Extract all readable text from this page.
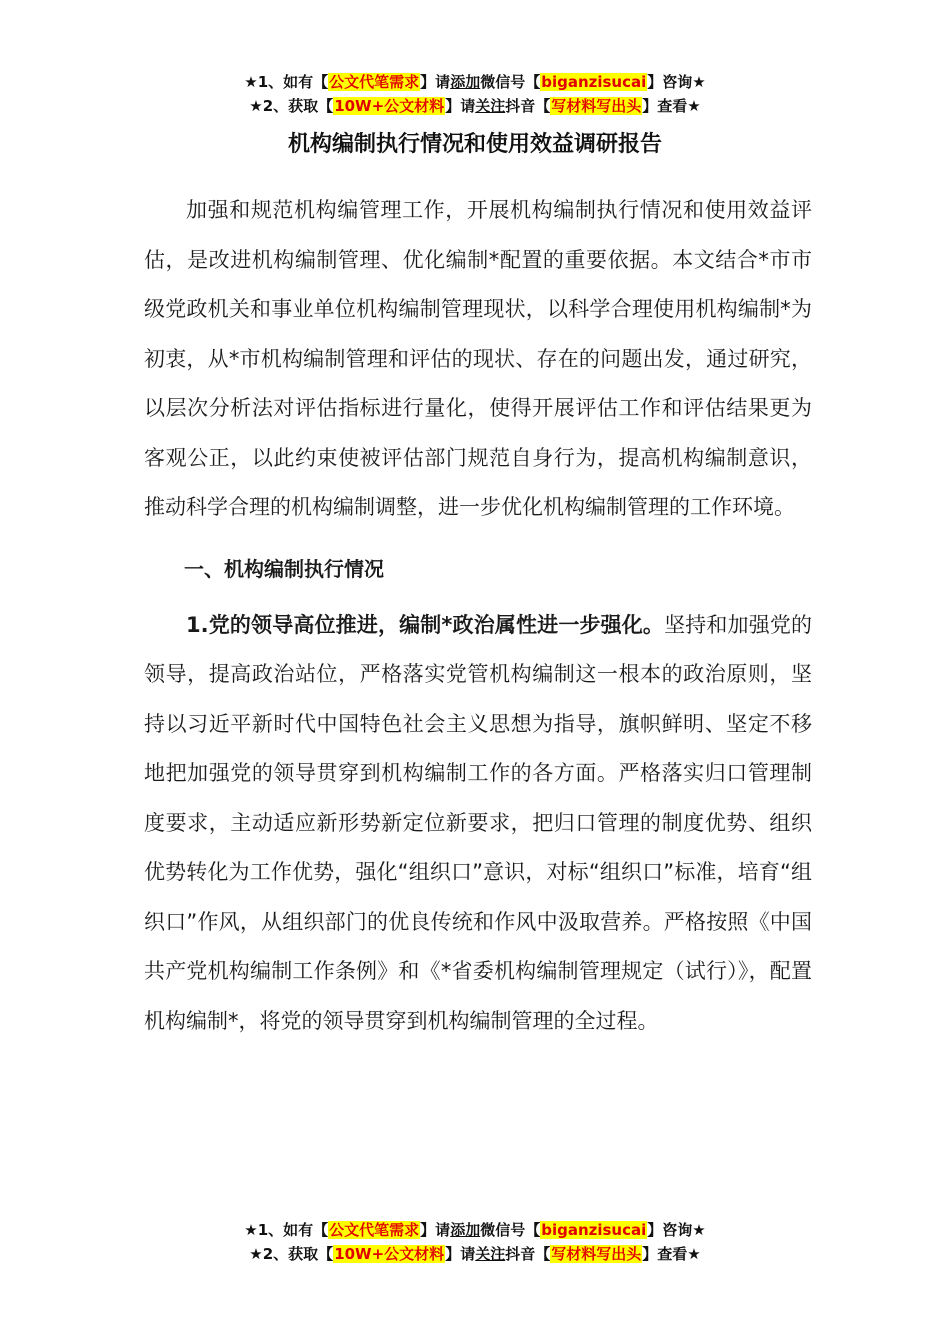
★1、如有【公文代笔需求】请添加微信号【biganzisucai】咨询★
★2、获取【10W+公文材料】请关注抖音【写材料写出头】查看★
机构编制执行情况和使用效益调研报告

加强和规范机构编管理工作，开展机构编制执行情况和使用效益评估，是改进机构编制管理、优化编制*配置的重要依据。本文结合*市市级党政机关和事业单位机构编制管理现状，以科学合理使用机构编制*为初衷，从*市机构编制管理和评估的现状、存在的问题出发，通过研究，以层次分析法对评估指标进行量化，使得开展评估工作和评估结果更为客观公正，以此约束使被评估部门规范自身行为，提高机构编制意识，推动科学合理的机构编制调整，进一步优化机构编制管理的工作环境。

一、机构编制执行情况

1.党的领导高位推进，编制*政治属性进一步强化。坚持和加强党的领导，提高政治站位，严格落实党管机构编制这一根本的政治原则，坚持以习近平新时代中国特色社会主义思想为指导，旗帜鲜明、坚定不移地把加强党的领导贯穿到机构编制工作的各方面。严格落实归口管理制度要求，主动适应新形势新定位新要求，把归口管理的制度优势、组织优势转化为工作优势，强化“组织口”意识，对标“组织口”标准，培育“组织口”作风，从组织部门的优良传统和作风中汲取营养。严格按照《中国共产党机构编制工作条例》和《*省委机构编制管理规定（试行）》，配置机构编制*，将党的领导贯穿到机构编制管理的全过程。

★1、如有【公文代笔需求】请添加微信号【biganzisucai】咨询★
★2、获取【10W+公文材料】请关注抖音【写材料写出头】查看★
